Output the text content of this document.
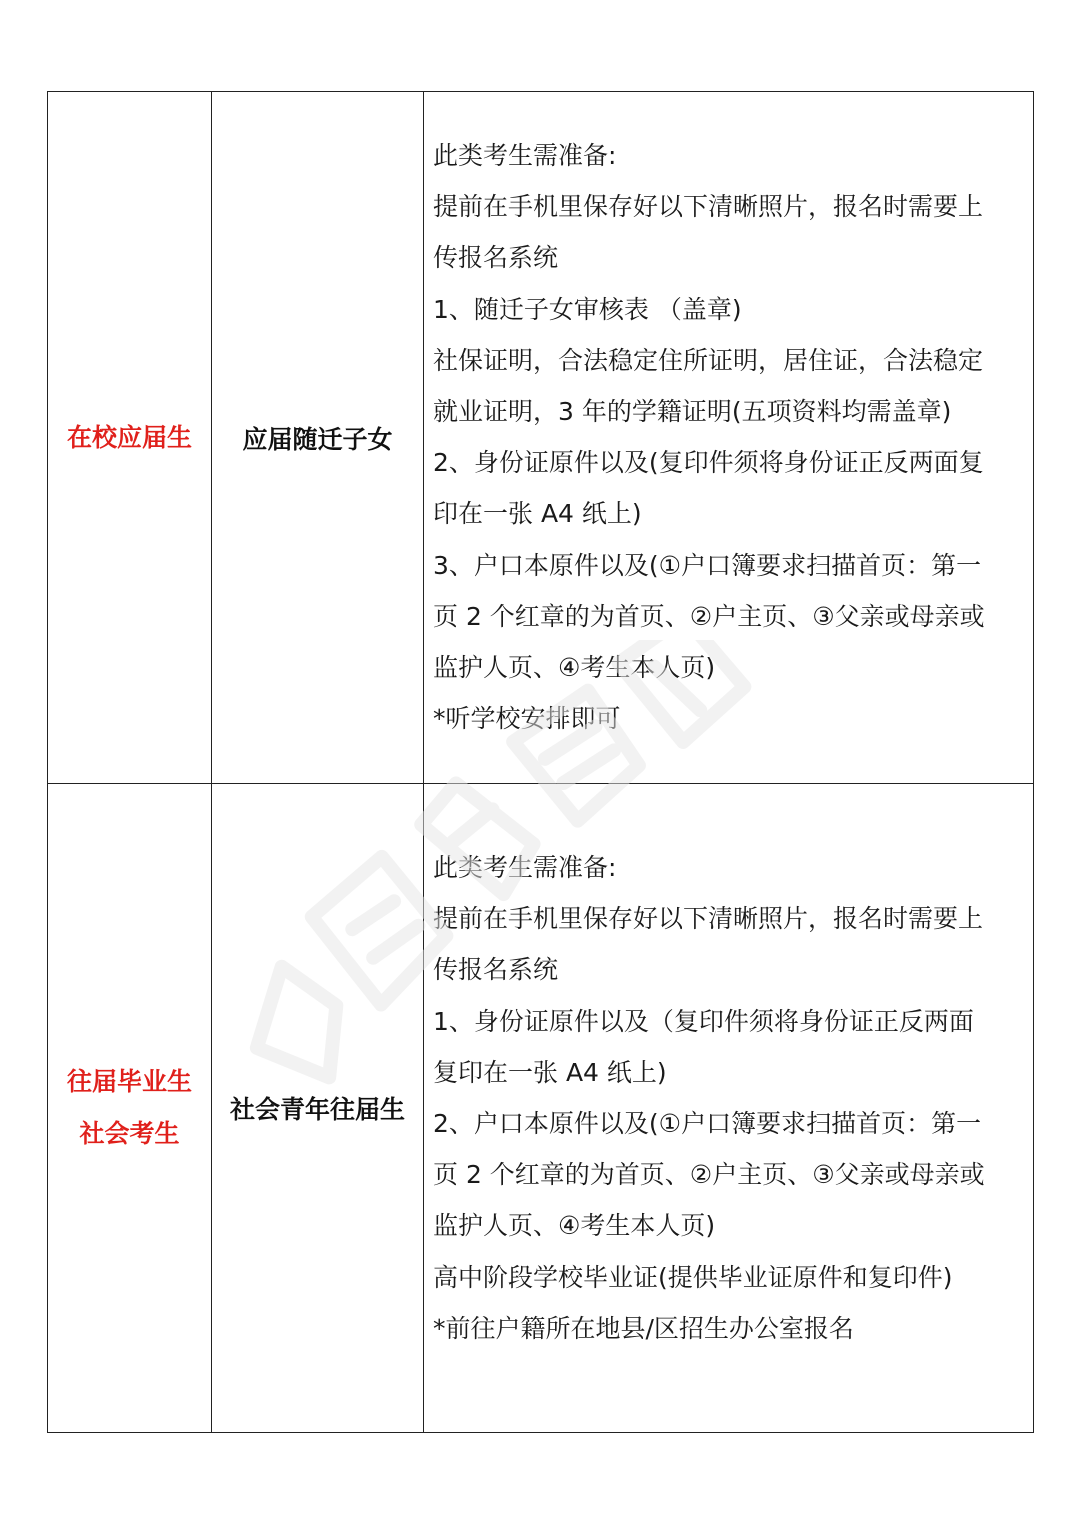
在校应届生 应届随迁子女
此类考生需准备:
提前在手机里保存好以下清晰照片，报名时需要上
传报名系统
1、随迁子女审核表 （盖章)
社保证明，合法稳定住所证明，居住证，合法稳定
就业证明，3 年的学籍证明(五项资料均需盖章)
2、身份证原件以及(复印件须将身份证正反两面复
印在一张 A4 纸上)
3、户口本原件以及(①户口簿要求扫描首页：第一
页 2 个红章的为首页、②户主页、③父亲或母亲或
监护人页、④考生本人页)
*听学校安排即可
往届毕业生
社会考生
社会青年往届生
此类考生需准备:
提前在手机里保存好以下清晰照片，报名时需要上
传报名系统
1、身份证原件以及（复印件须将身份证正反两面
复印在一张 A4 纸上)
2、户口本原件以及(①户口簿要求扫描首页：第一
页 2 个红章的为首页、②户主页、③父亲或母亲或
监护人页、④考生本人页)
高中阶段学校毕业证(提供毕业证原件和复印件)
*前往户籍所在地县/区招生办公室报名
